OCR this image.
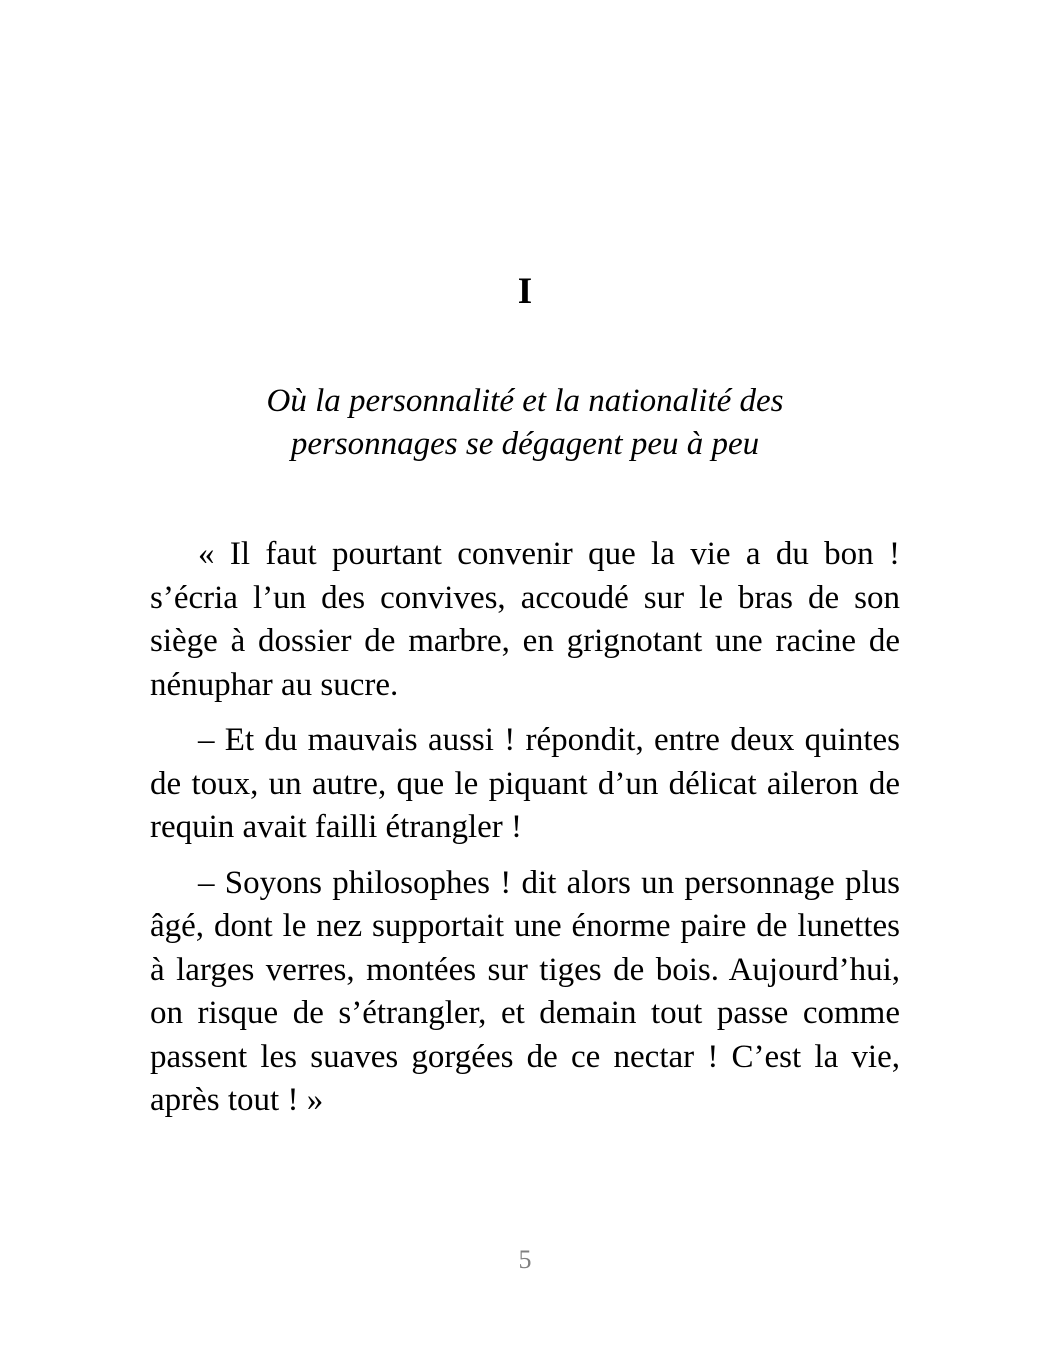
I
Où la personnalité et la nationalité des
personnages se dégagent peu à peu

« Il faut pourtant convenir que la vie a du bon ! s’écria l’un des convives, accoudé sur le bras de son siège à dossier de marbre, en grignotant une racine de nénuphar au sucre.

– Et du mauvais aussi ! répondit, entre deux quintes de toux, un autre, que le piquant d’un délicat aileron de requin avait failli étrangler !

– Soyons philosophes ! dit alors un personnage plus âgé, dont le nez supportait une énorme paire de lunettes à larges verres, montées sur tiges de bois. Aujourd’hui, on risque de s’étrangler, et demain tout passe comme passent les suaves gorgées de ce nectar ! C’est la vie, après tout ! »

5
